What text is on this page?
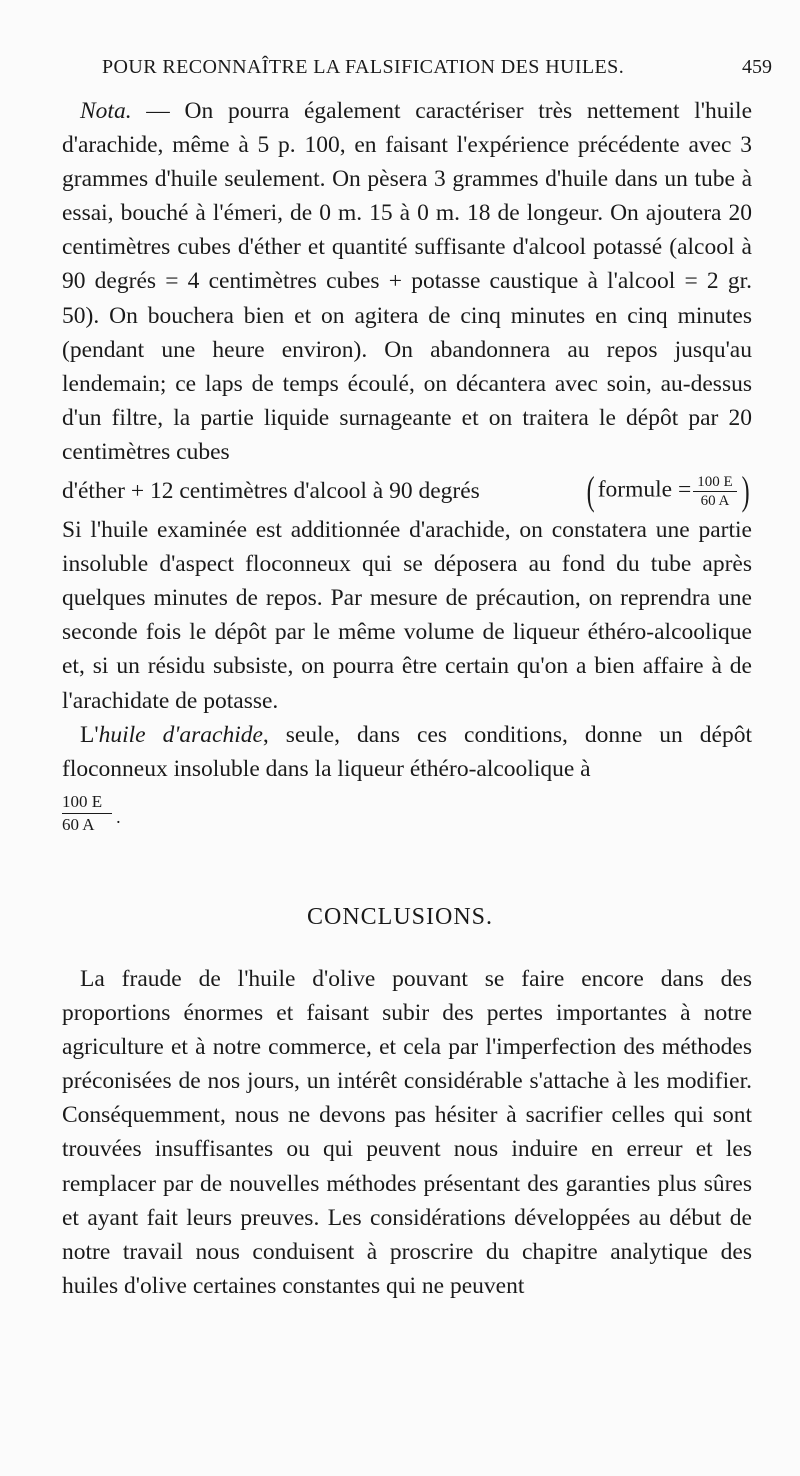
POUR RECONNAÎTRE LA FALSIFICATION DES HUILES.	459
Nota. — On pourra également caractériser très nettement l'huile d'arachide, même à 5 p. 100, en faisant l'expérience précédente avec 3 grammes d'huile seulement. On pèsera 3 grammes d'huile dans un tube à essai, bouché à l'émeri, de 0 m. 15 à 0 m. 18 de longeur. On ajoutera 20 centimètres cubes d'éther et quantité suffisante d'alcool potassé (alcool à 90 degrés = 4 centimètres cubes + potasse caustique à l'alcool = 2 gr. 50). On bouchera bien et on agitera de cinq minutes en cinq minutes (pendant une heure environ). On abandonnera au repos jusqu'au lendemain; ce laps de temps écoulé, on décantera avec soin, au-dessus d'un filtre, la partie liquide surnageante et on traitera le dépôt par 20 centimètres cubes
d'éther + 12 centimètres d'alcool à 90 degrés	( formule = $\frac{100 E}{60 A}$ )
Si l'huile examinée est additionnée d'arachide, on constatera une partie insoluble d'aspect floconneux qui se déposera au fond du tube après quelques minutes de repos. Par mesure de précaution, on reprendra une seconde fois le dépôt par le même volume de liqueur éthéro-alcoolique et, si un résidu subsiste, on pourra être certain qu'on a bien affaire à de l'arachidate de potasse.
L'huile d'arachide, seule, dans ces conditions, donne un dépôt floconneux insoluble dans la liqueur éthéro-alcoolique à
$\frac{100 E}{60 A}$ .
CONCLUSIONS.
La fraude de l'huile d'olive pouvant se faire encore dans des proportions énormes et faisant subir des pertes importantes à notre agriculture et à notre commerce, et cela par l'imperfection des méthodes préconisées de nos jours, un intérêt considérable s'attache à les modifier. Conséquemment, nous ne devons pas hésiter à sacrifier celles qui sont trouvées insuffisantes ou qui peuvent nous induire en erreur et les remplacer par de nouvelles méthodes présentant des garanties plus sûres et ayant fait leurs preuves. Les considérations développées au début de notre travail nous conduisent à proscrire du chapitre analytique des huiles d'olive certaines constantes qui ne peuvent
